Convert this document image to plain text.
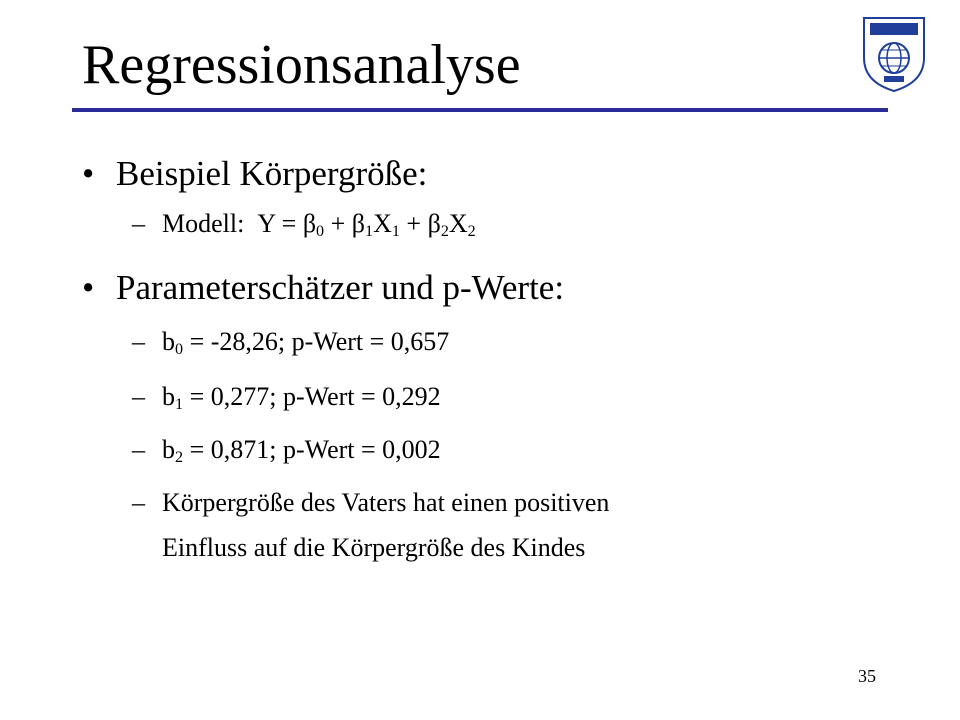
Regressionsanalyse
• Beispiel Körpergröße:
– Modell:  $Y = \beta_0 + \beta_1X_1 + \beta_2X_2$
• Parameterschätzer und p-Werte:
– $b_0 = -28,26$; p-Wert = 0,657
– $b_1 = 0,277$; p-Wert = 0,292
– $b_2 = 0,871$; p-Wert = 0,002
– Körpergröße des Vaters hat einen positiven
Einfluss auf die Körpergröße des Kindes
35
